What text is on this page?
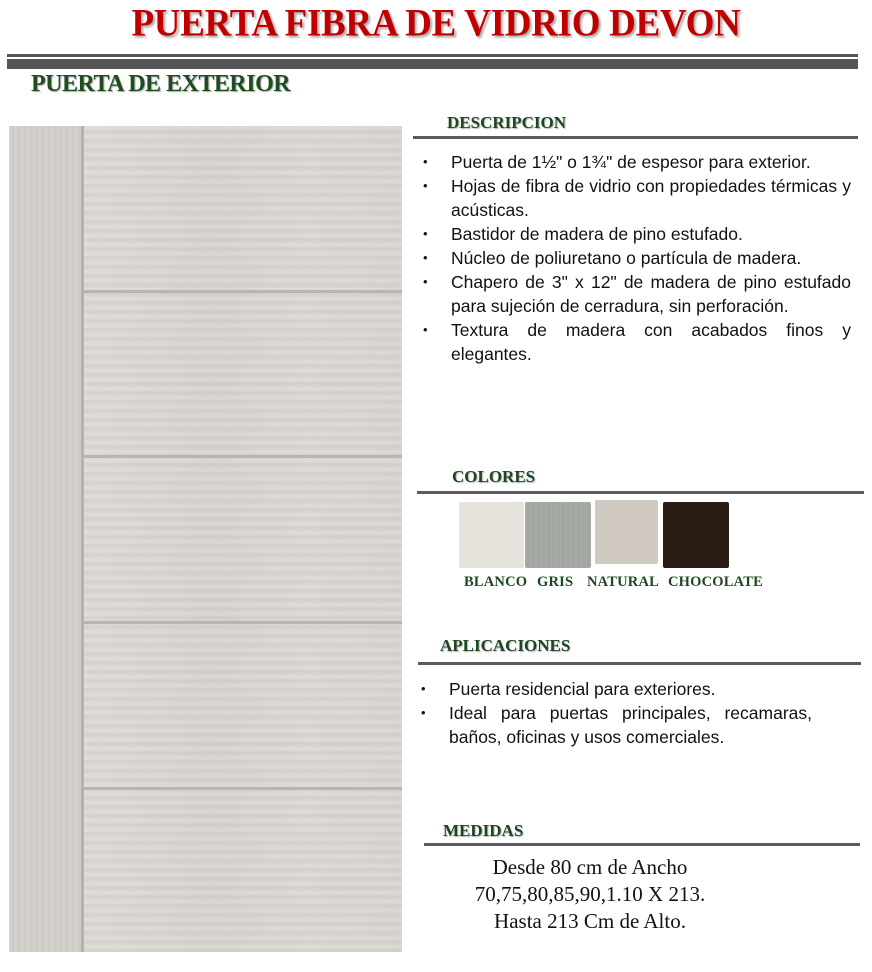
PUERTA FIBRA DE VIDRIO DEVON
PUERTA DE EXTERIOR
DESCRIPCION
• Puerta de 1½" o 1¾" de espesor para exterior.
• Hojas de fibra de vidrio con propiedades térmicas y acústicas.
• Bastidor de madera de pino estufado.
• Núcleo de poliuretano o partícula de madera.
• Chapero de 3" x 12" de madera de pino estufado para sujeción de cerradura, sin perforación.
• Textura de madera con acabados finos y elegantes.
COLORES
BLANCO GRIS NATURAL CHOCOLATE
APLICACIONES
• Puerta residencial para exteriores.
• Ideal para puertas principales, recamaras, baños, oficinas y usos comerciales.
MEDIDAS
Desde 80 cm de Ancho
70,75,80,85,90,1.10 X 213.
Hasta 213 Cm de Alto.
